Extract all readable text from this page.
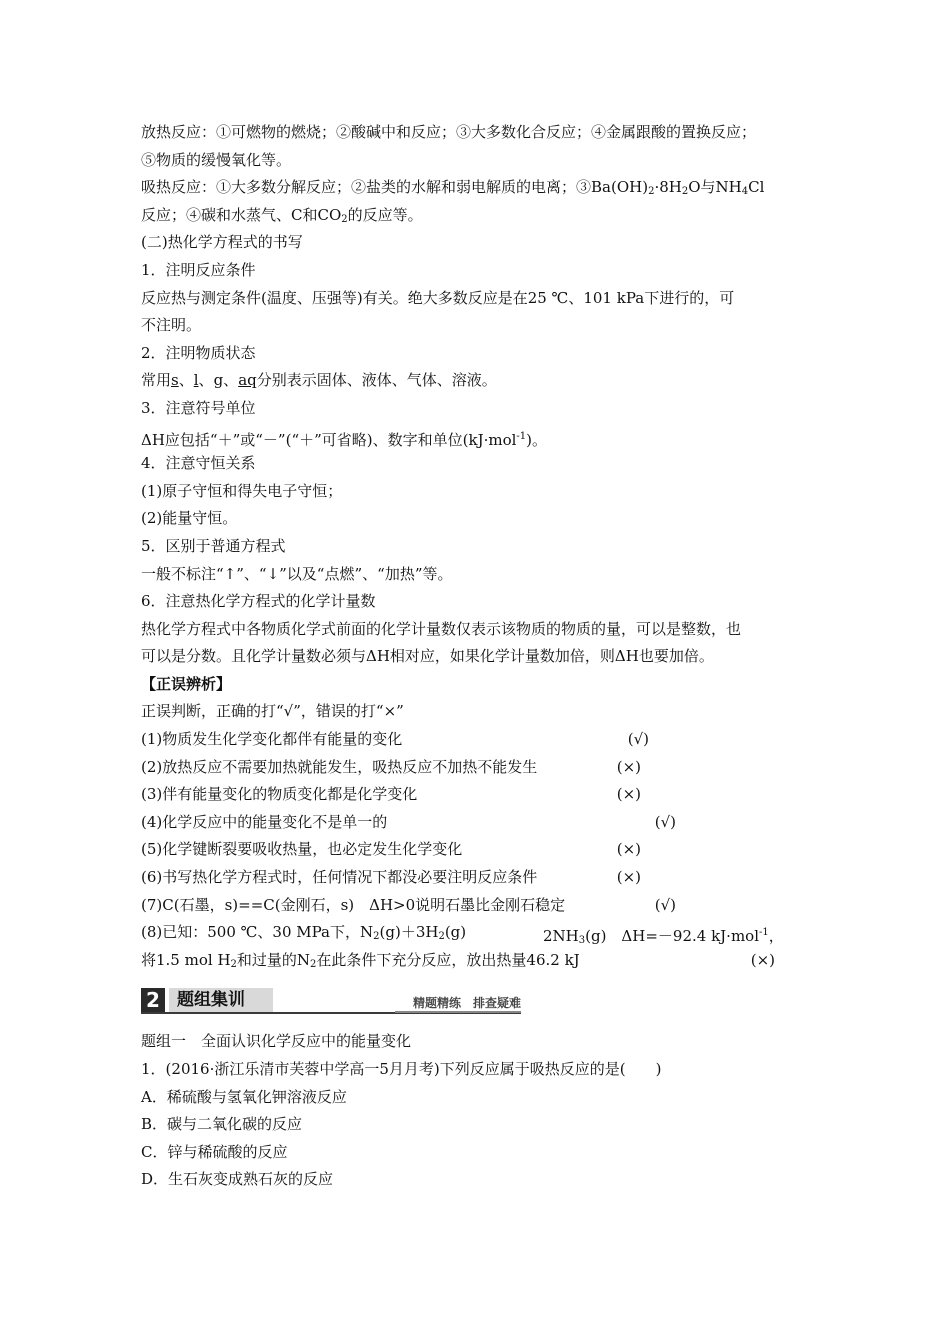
放热反应：①可燃物的燃烧；②酸碱中和反应；③大多数化合反应；④金属跟酸的置换反应；
⑤物质的缓慢氧化等。
吸热反应：①大多数分解反应；②盐类的水解和弱电解质的电离；$③Ba(OH)_2\cdot 8H_2O$与$NH_4Cl$
反应；④碳和水蒸气、C和$CO_2$的反应等。
(二)热化学方程式的书写
1．注明反应条件
反应热与测定条件(温度、压强等)有关。绝大多数反应是在25 ℃、101 kPa下进行的，可
不注明。
2．注明物质状态
常用s、l、g、aq分别表示固体、液体、气体、溶液。
3．注意符号单位
ΔH应包括“＋”或“－”(“＋”可省略)、数字和单位(kJ·mol$^{-1}$)。
4．注意守恒关系
(1)原子守恒和得失电子守恒；
(2)能量守恒。
5．区别于普通方程式
一般不标注“↑”、“↓”以及“点燃”、“加热”等。
6．注意热化学方程式的化学计量数
热化学方程式中各物质化学式前面的化学计量数仅表示该物质的物质的量，可以是整数，也
可以是分数。且化学计量数必须与ΔH相对应，如果化学计量数加倍，则ΔH也要加倍。
【正误辨析】
正误判断，正确的打“√”，错误的打“×”
(1)物质发生化学变化都伴有能量的变化	(√)
(2)放热反应不需要加热就能发生，吸热反应不加热不能发生	(×)
(3)伴有能量变化的物质变化都是化学变化	(×)
(4)化学反应中的能量变化不是单一的	(√)
(5)化学键断裂要吸收热量，也必定发生化学变化	(×)
(6)书写热化学方程式时，任何情况下都没必要注明反应条件	(×)
(7)C(石墨，s)==C(金刚石，s)　ΔH>0说明石墨比金刚石稳定	(√)
(8)已知：500 ℃、30 MPa下，$N_2(g)+3H_2(g)$	$2NH_3(g)$　ΔH=－92.4 kJ·mol$^{-1}$，
将1.5 mol $H_2$和过量的$N_2$在此条件下充分反应，放出热量46.2 kJ	(×)
2	题组集训	精题精练　排查疑难
题组一　全面认识化学反应中的能量变化
1．(2016·浙江乐清市芙蓉中学高一5月月考)下列反应属于吸热反应的是(　　)
A．稀硫酸与氢氧化钾溶液反应
B．碳与二氧化碳的反应
C．锌与稀硫酸的反应
D．生石灰变成熟石灰的反应
